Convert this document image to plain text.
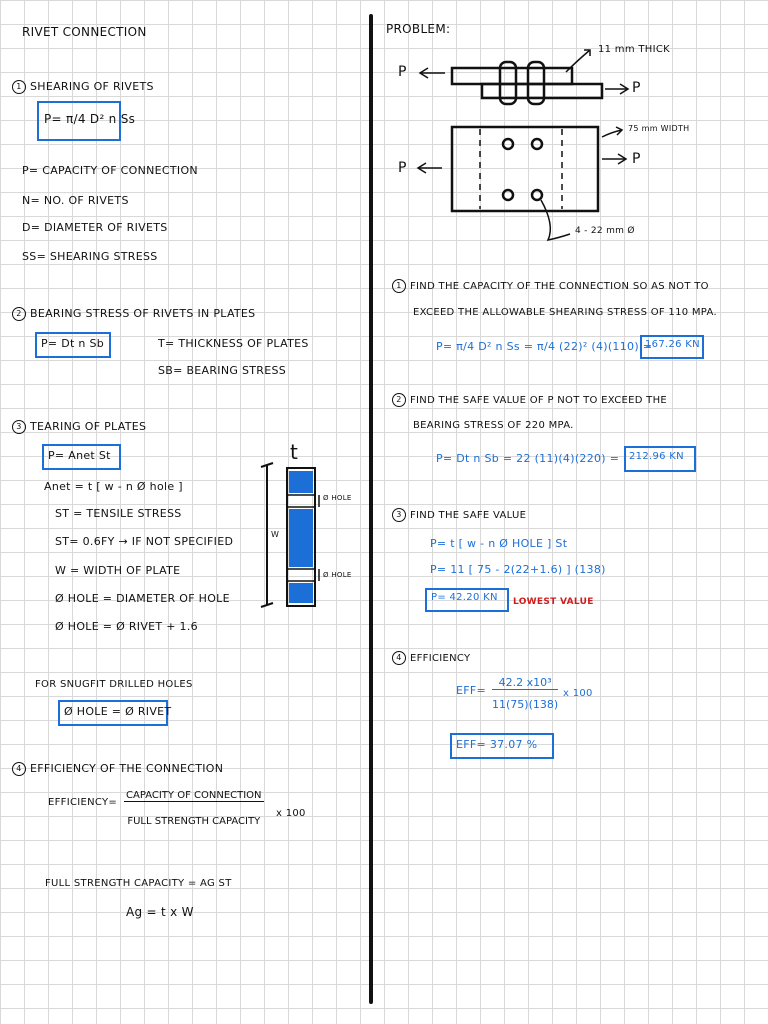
RIVET CONNECTION
1 SHEARING OF RIVETS
P= π/4 D² n Ss
P= CAPACITY OF CONNECTION
N= NO. OF RIVETS
D= DIAMETER OF RIVETS
SS= SHEARING STRESS
2 BEARING STRESS OF RIVETS IN PLATES
P= Dt n Sb	T= THICKNESS OF PLATES
SB= BEARING STRESS
3 TEARING OF PLATES
P= Anet St
Anet = t [ w - n Ø hole ]
ST = TENSILE STRESS
ST= 0.6FY → IF NOT SPECIFIED
W = WIDTH OF PLATE
Ø HOLE = DIAMETER OF HOLE
Ø HOLE = Ø RIVET + 1.6
t
W
Ø HOLE
Ø HOLE
FOR SNUGFIT DRILLED HOLES
Ø HOLE = Ø RIVET
4 EFFICIENCY OF THE CONNECTION
EFFICIENCY=
CAPACITY OF CONNECTION
FULL STRENGTH CAPACITY
x 100
FULL STRENGTH CAPACITY = AG ST
Ag = t x W
PROBLEM:
11 mm THICK
75 mm WIDTH
4 - 22 mm Ø
P
P
P
P
1 FIND THE CAPACITY OF THE CONNECTION SO AS NOT TO
EXCEED THE ALLOWABLE SHEARING STRESS OF 110 MPA.
P= π/4 D² n Ss = π/4 (22)² (4)(110) =
167.26 KN
2 FIND THE SAFE VALUE OF P NOT TO EXCEED THE
BEARING STRESS OF 220 MPA.
P= Dt n Sb = 22 (11)(4)(220) = 212.96 KN
3 FIND THE SAFE VALUE
P= t [ w - n Ø HOLE ] St
P= 11 [ 75 - 2(22+1.6) ] (138)
P= 42.20 KN LOWEST VALUE
4 EFFICIENCY
$EFF= \frac{\text{42.2 x10³}}{11(75)(138)}$ x 100
EFF= 37.07 %
